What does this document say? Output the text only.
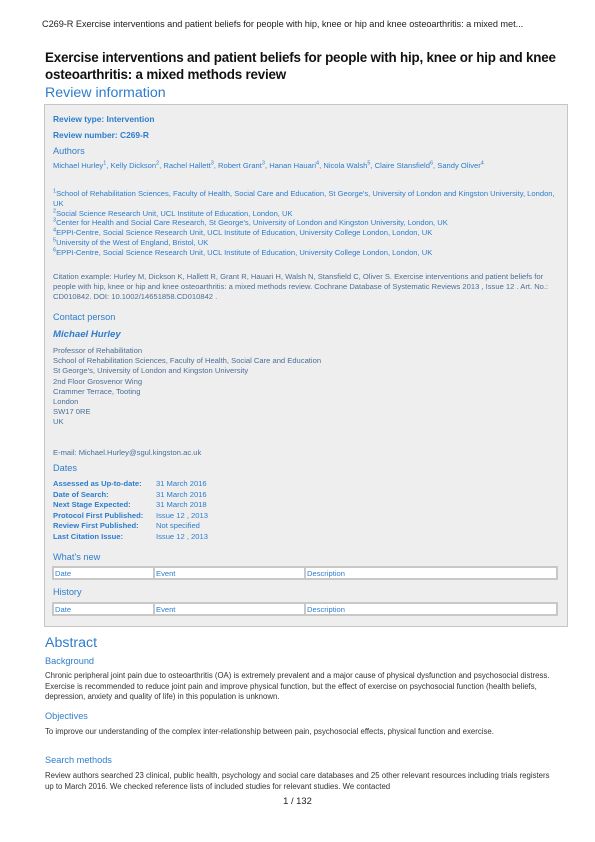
C269-R Exercise interventions and patient beliefs for people with hip, knee or hip and knee osteoarthritis: a mixed met...
Exercise interventions and patient beliefs for people with hip, knee or hip and knee osteoarthritis: a mixed methods review
Review information
Review type: Intervention
Review number: C269-R
Authors
Michael Hurley$^1$, Kelly Dickson$^2$, Rachel Hallett$^3$, Robert Grant$^3$, Hanan Hauari$^4$, Nicola Walsh$^5$, Claire Stansfield$^6$, Sandy Oliver$^4$
$^1$School of Rehabilitation Sciences, Faculty of Health, Social Care and Education, St George's, University of London and Kingston University, London, UK
$^2$Social Science Research Unit, UCL Institute of Education, London, UK
$^3$Center for Health and Social Care Research, St George's, University of London and Kingston University, London, UK
$^4$EPPI-Centre, Social Science Research Unit, UCL Institute of Education, University College London, London, UK
$^5$University of the West of England, Bristol, UK
$^6$EPPI-Centre, Social Science Research Unit, UCL Institute of Education, University College London, London, UK
Citation example: Hurley M, Dickson K, Hallett R, Grant R, Hauari H, Walsh N, Stansfield C, Oliver S. Exercise interventions and patient beliefs for people with hip, knee or hip and knee osteoarthritis: a mixed methods review. Cochrane Database of Systematic Reviews 2013 , Issue 12 . Art. No.: CD010842. DOI: 10.1002/14651858.CD010842 .
Contact person
Michael Hurley
Professor of Rehabilitation
School of Rehabilitation Sciences, Faculty of Health, Social Care and Education
St George's, University of London and Kingston University
2nd Floor Grosvenor Wing
Crammer Terrace, Tooting
London
SW17 0RE
UK
E-mail: Michael.Hurley@sgul.kingston.ac.uk
Dates
Assessed as Up-to-date:	31 March 2016
Date of Search:	31 March 2016
Next Stage Expected:	31 March 2018
Protocol First Published:	Issue 12 , 2013
Review First Published:	Not specified
Last Citation Issue:	Issue 12 , 2013
What's new
Date	Event	Description
History
Date	Event	Description
Abstract
Background
Chronic peripheral joint pain due to osteoarthritis (OA) is extremely prevalent and a major cause of physical dysfunction and psychosocial distress. Exercise is recommended to reduce joint pain and improve physical function, but the effect of exercise on psychosocial function (health beliefs, depression, anxiety and quality of life) in this population is unknown.
Objectives
To improve our understanding of the complex inter-relationship between pain, psychosocial effects, physical function and exercise.
Search methods
Review authors searched 23 clinical, public health, psychology and social care databases and 25 other relevant resources including trials registers up to March 2016. We checked reference lists of included studies for relevant studies. We contacted
1 / 132
